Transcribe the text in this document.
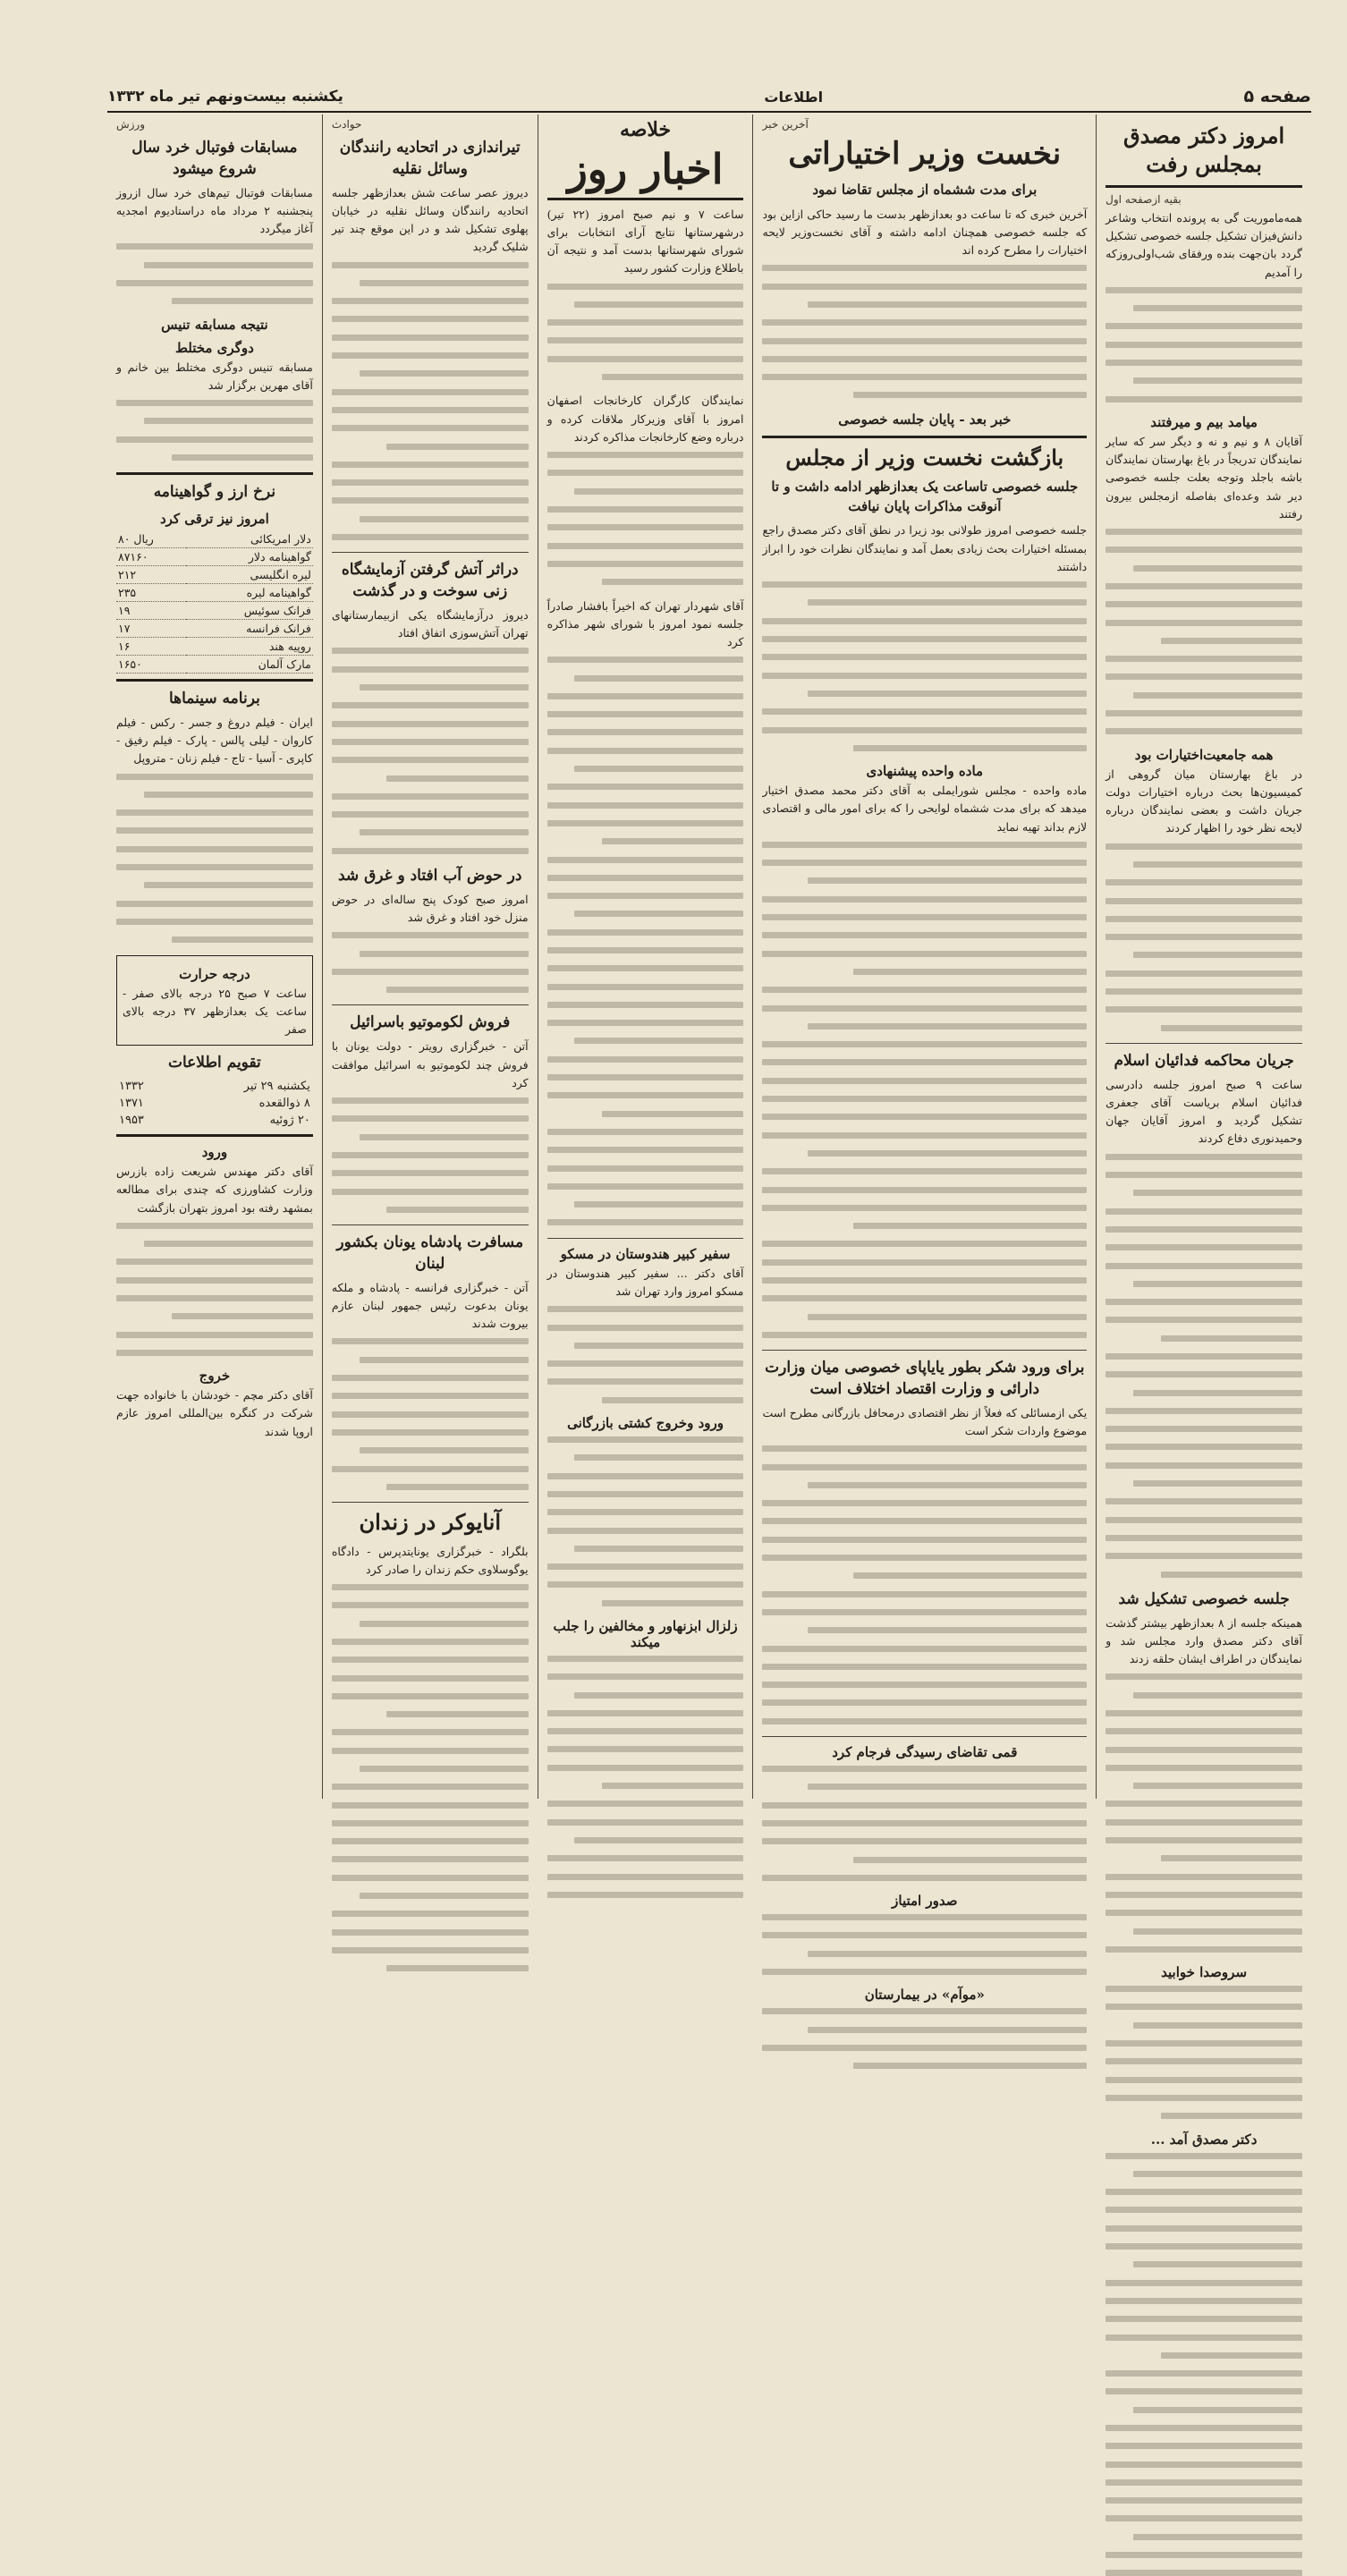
صفحه ۵
اطلاعات
یکشنبه بیست‌ونهم تیر ماه ۱۳۳۲
امروز دکتر مصدق بمجلس رفت
بقیه ازصفحه اول

همه‌ماموریت گی به پرونده انتخاب وشاعر دانش‌فیزان تشکیل جلسه خصوصی تشکیل گردد بان‌جهت بنده ورفقای شب‌اولی‌روزکه را آمدیم

میامد بیم و میرفتند

آقایان ۸ و نیم و نه و دیگر سر که سایر نمایندگان تدریجاً در باغ بهارستان نمایندگان باشه باجلد وتوجه بعلت جلسه خصوصی دیر شد وعده‌ای بفاصله ازمجلس بیرون رفتند

همه جامعیت‌اختیارات بود

در باغ بهارستان میان گروهی از کمیسیون‌ها بحث درباره اختیارات دولت جریان داشت و بعضی نمایندگان درباره لایحه نظر خود را اظهار کردند

جریان محاکمه فدائیان اسلام

ساعت ۹ صبح امروز جلسه دادرسی فدائیان اسلام بریاست آقای جعفری تشکیل گردید و امروز آقایان جهان وحمیدنوری دفاع کردند

جلسه خصوصی تشکیل شد

همینکه جلسه از ۸ بعدازظهر بیشتر گذشت آقای دکتر مصدق وارد مجلس شد و نمایندگان در اطراف ایشان حلقه زدند

سروصدا خوابید
دکتر مصدق آمد ...
آخرین خبر
نخست وزیر اختیاراتی
برای مدت ششماه از مجلس تقاضا نمود

آخرین خبری که تا ساعت دو بعدازظهر بدست ما رسید حاکی ازاین بود که جلسه خصوصی همچنان ادامه داشته و آقای نخست‌وزیر لایحه اختیارات را مطرح کرده اند

خبر بعد - پایان جلسه خصوصی
بازگشت نخست وزیر از مجلس
جلسه خصوصی تا‌ساعت یک بعدازظهر ادامه داشت و تا آنوقت مذاکرات پایان نیافت

جلسه خصوصی امروز طولانی بود زیرا در نطق آقای دکتر مصدق راجع بمسئله اختیارات بحث زیادی بعمل آمد و نمایندگان نظرات خود را ابراز داشتند

ماده واحده پیشنهادی

ماده واحده - مجلس شورایملی به آقای دکتر محمد مصدق اختیار میدهد که برای مدت ششماه لوایحی را که برای امور مالی و اقتصادی لازم بداند تهیه نماید

برای ورود شکر بطور یایاپای خصوصی میان وزارت دارائی و وزارت اقتصاد اختلاف است

یکی ازمسائلی که فعلاً از نظر اقتصادی درمحافل بازرگانی مطرح است موضوع واردات شکر است

قمی تقاضای رسیدگی فرجام کرد
صدور امتیاز
«موآم» در بیمارستان
خلاصه
اخبار روز

ساعت ۷ و نیم صبح امروز (۲۲ تیر) درشهرستانها نتایج آرای انتخابات برای شورای شهرستانها بدست آمد و نتیجه آن باطلاع وزارت کشور رسید

نمایندگان کارگران کارخانجات اصفهان امروز با آقای وزیرکار ملاقات کرده و درباره وضع کارخانجات مذاکره کردند

آقای شهردار تهران که اخیراً بافشار صادراً جلسه نمود امروز با شورای شهر مذاکره کرد

سفیر کبیر هندوستان در مسکو

آقای دکتر ... سفیر کبیر هندوستان در مسکو امروز وارد تهران شد

ورود وخروج کشتی بازرگانی
زلزال ابزنهاور و مخالفین را جلب میکند
حوادث
تیراندازی در اتحادیه رانندگان وسائل نقلیه

دیروز عصر ساعت شش بعدازظهر جلسه اتحادیه رانندگان وسائل نقلیه در خیابان پهلوی تشکیل شد و در این موقع چند تیر شلیک گردید

دراثر آتش گرفتن آزمایشگاه زنی سوخت و در گذشت

دیروز درآزمایشگاه یکی ازبیمارستانهای تهران آتش‌سوزی اتفاق افتاد

در حوض آب افتاد و غرق شد

امروز صبح کودک پنج ساله‌ای در حوض منزل خود افتاد و غرق شد

فروش لکوموتیو باسرائیل

آتن - خبرگزاری رویتر - دولت یونان با فروش چند لکوموتیو به اسرائیل موافقت کرد

مسافرت پادشاه یونان بکشور لبنان

آتن - خبرگزاری فرانسه - پادشاه و ملکه یونان بدعوت رئیس جمهور لبنان عازم بیروت شدند

آنایوکر در زندان

بلگراد - خبرگزاری یونایتدپرس - دادگاه یوگوسلاوی حکم زندان را صادر کرد

ورزش
مسابقات فوتبال خرد سال شروع میشود

مسابقات فوتبال تیم‌های خرد سال ازروز پنجشنبه ۲ مرداد ماه دراستادیوم امجدیه آغاز میگردد

نتیجه مسابقه تنیس
دوگری مختلط

مسابقه تنیس دوگری مختلط بین خانم و آقای مهرین برگزار شد

نرخ ارز و گواهینامه
امروز نیز ترقی کرد
دلار امریکائی	۸۰ ریال
گواهینامه دلار	۸۷۱۶۰
لیره انگلیسی	۲۱۲
گواهینامه لیره	۲۳۵
فرانک سوئیس	۱۹
فرانک فرانسه	۱۷
روپیه هند	۱۶
مارک آلمان	۱۶۵۰
برنامه سینماها

ایران - فیلم دروغ و جسر - رکس - فیلم کاروان - لیلی پالس - پارک - فیلم رفیق - کاپری - آسیا - تاج - فیلم زنان - متروپل

درجه حرارت

ساعت ۷ صبح ۲۵ درجه بالای صفر - ساعت یک بعدازظهر ۳۷ درجه بالای صفر

تقویم اطلاعات
یکشنبه ۲۹ تیر	۱۳۳۲
۸ ذوالقعده	۱۳۷۱
۲۰ ژوئیه	۱۹۵۳
ورود

آقای دکتر مهندس شریعت زاده بازرس وزارت کشاورزی که چندی برای مطالعه بمشهد رفته بود امروز بتهران بازگشت

خروج

آقای دکتر مچم - خودشان با خانواده جهت شرکت در کنگره بین‌المللی امروز عازم اروپا شدند
